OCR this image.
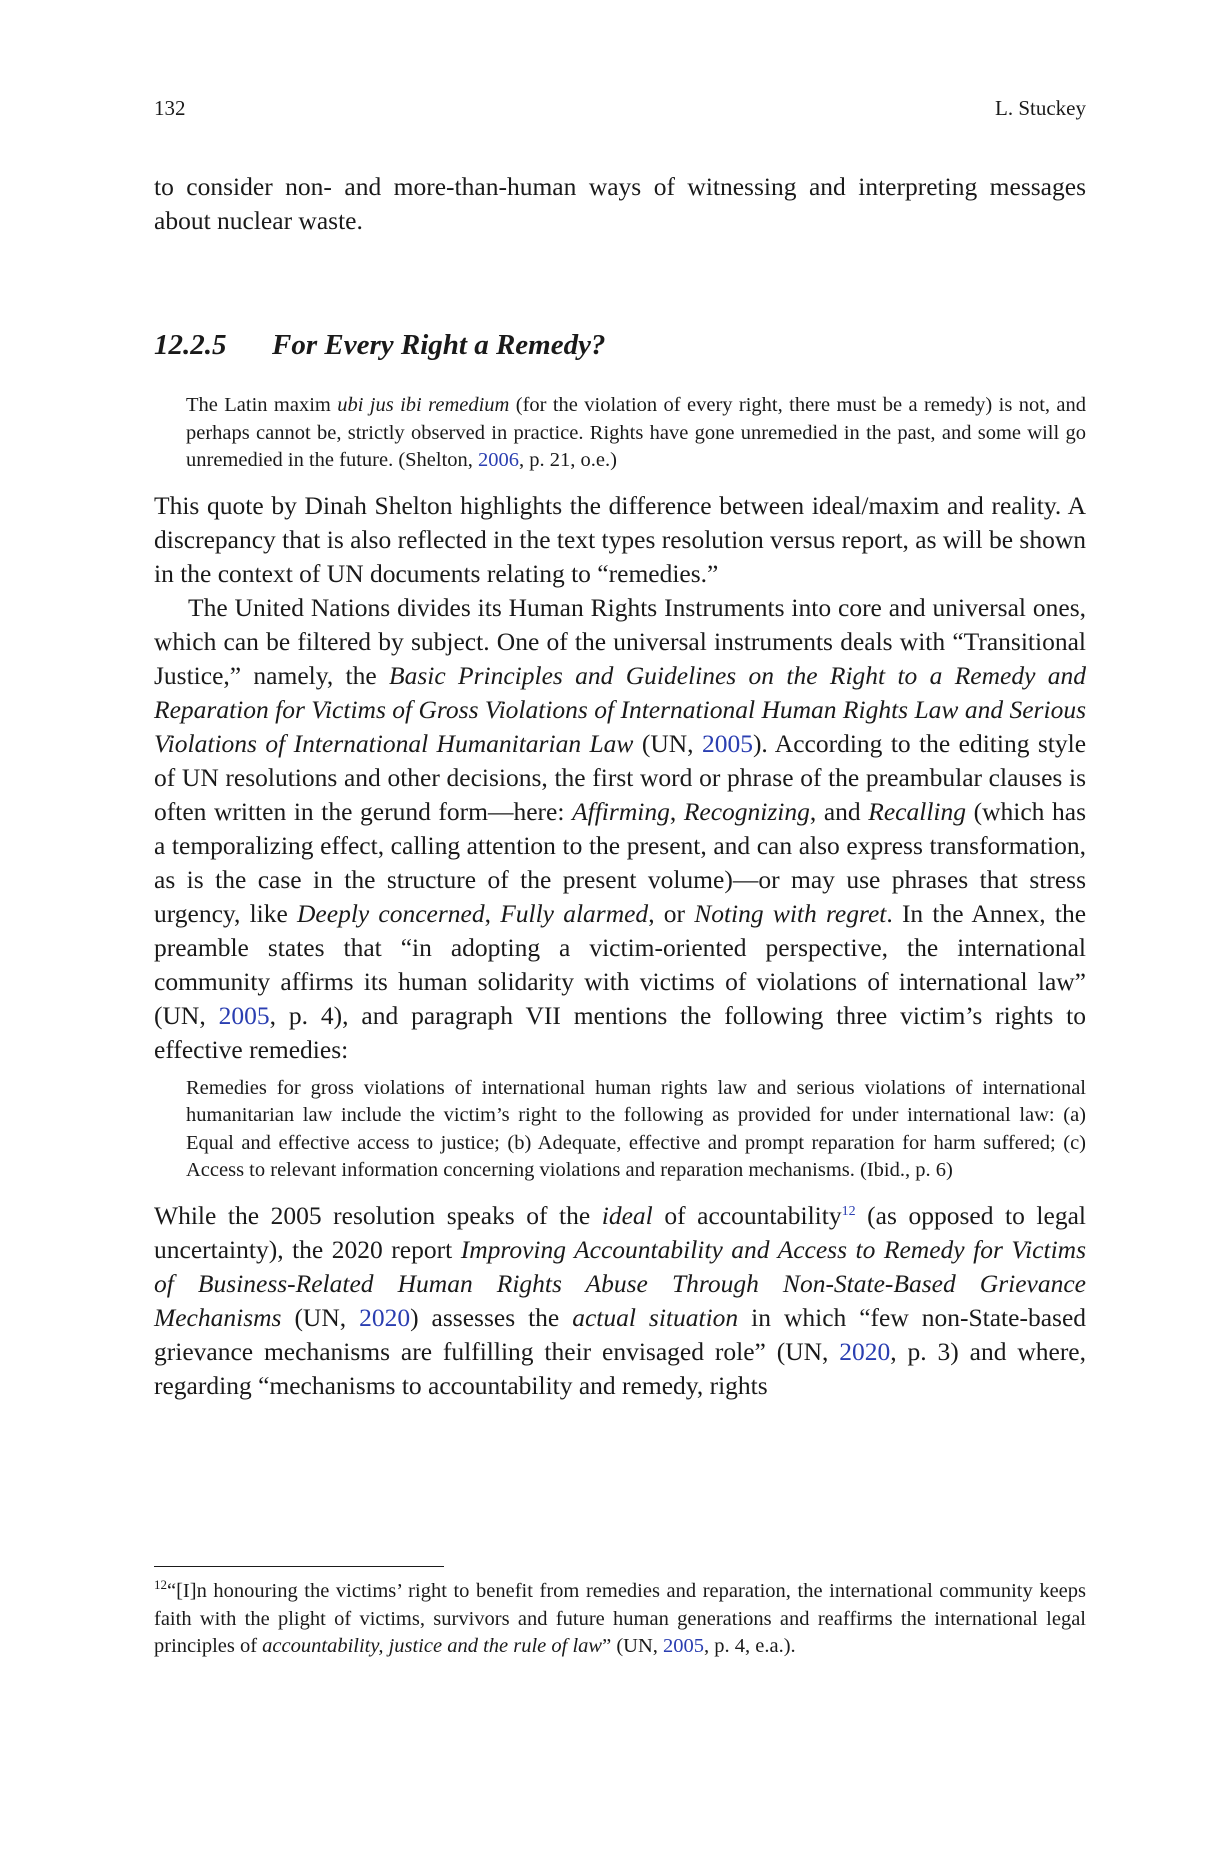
132	L. Stuckey

to consider non- and more-than-human ways of witnessing and interpreting messages about nuclear waste.

12.2.5 For Every Right a Remedy?
The Latin maxim ubi jus ibi remedium (for the violation of every right, there must be a remedy) is not, and perhaps cannot be, strictly observed in practice. Rights have gone unremedied in the past, and some will go unremedied in the future. (Shelton, 2006, p. 21, o.e.)

This quote by Dinah Shelton highlights the difference between ideal/maxim and reality. A discrepancy that is also reflected in the text types resolution versus report, as will be shown in the context of UN documents relating to “remedies.”

The United Nations divides its Human Rights Instruments into core and universal ones, which can be filtered by subject. One of the universal instruments deals with “Transitional Justice,” namely, the Basic Principles and Guidelines on the Right to a Remedy and Reparation for Victims of Gross Violations of International Human Rights Law and Serious Violations of International Humanitarian Law (UN, 2005). According to the editing style of UN resolutions and other decisions, the first word or phrase of the preambular clauses is often written in the gerund form—here: Affirming, Recognizing, and Recalling (which has a temporalizing effect, calling attention to the present, and can also express transformation, as is the case in the structure of the present volume)—or may use phrases that stress urgency, like Deeply concerned, Fully alarmed, or Noting with regret. In the Annex, the preamble states that “in adopting a victim-oriented perspective, the international community affirms its human solidarity with victims of violations of international law” (UN, 2005, p. 4), and paragraph VII mentions the following three victim’s rights to effective remedies:

Remedies for gross violations of international human rights law and serious violations of international humanitarian law include the victim’s right to the following as provided for under international law: (a) Equal and effective access to justice; (b) Adequate, effective and prompt reparation for harm suffered; (c) Access to relevant information concerning violations and reparation mechanisms. (Ibid., p. 6)

While the 2005 resolution speaks of the ideal of accountability$^{12}$ (as opposed to legal uncertainty), the 2020 report Improving Accountability and Access to Remedy for Victims of Business-Related Human Rights Abuse Through Non-State-Based Grievance Mechanisms (UN, 2020) assesses the actual situation in which “few non-State-based grievance mechanisms are fulfilling their envisaged role” (UN, 2020, p. 3) and where, regarding “mechanisms to accountability and remedy, rights

$^{12}$“[I]n honouring the victims’ right to benefit from remedies and reparation, the international community keeps faith with the plight of victims, survivors and future human generations and reaffirms the international legal principles of accountability, justice and the rule of law” (UN, 2005, p. 4, e.a.).
